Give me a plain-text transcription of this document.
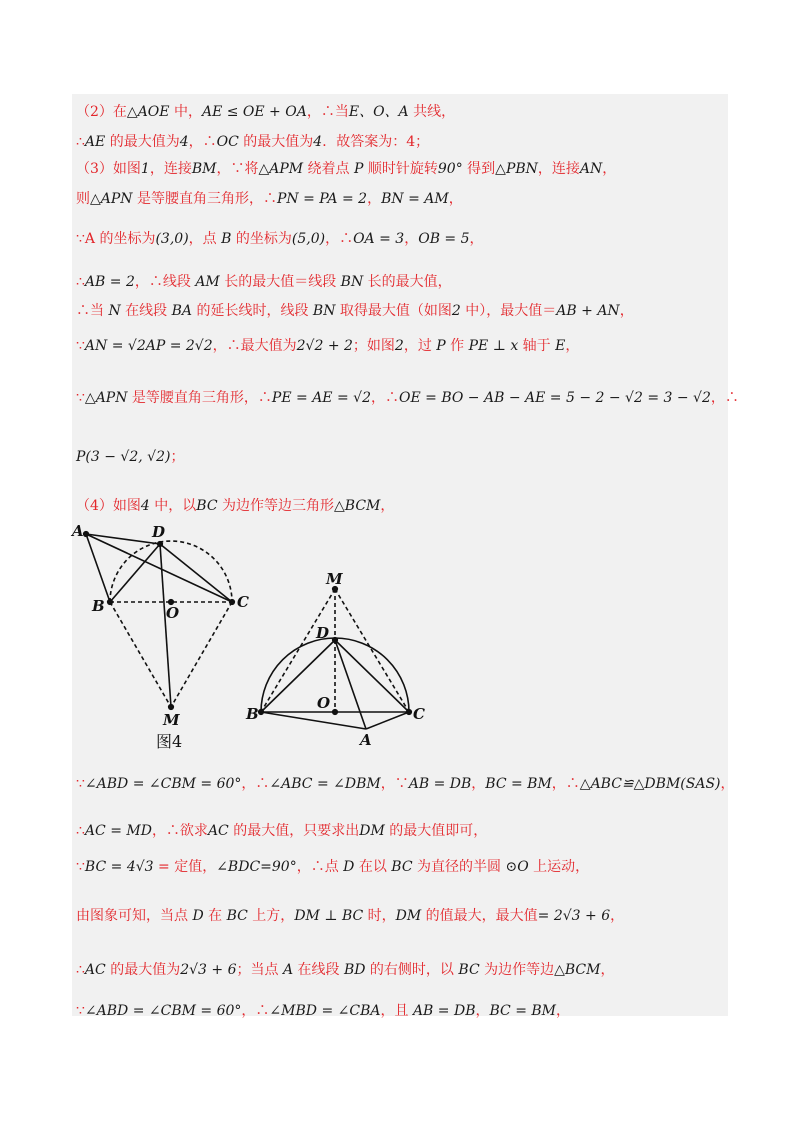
（2）在△AOE 中，AE ≤ OE + OA，∴当E、O、A 共线，
∴AE 的最大值为4，∴OC 的最大值为4．故答案为：4；
（3）如图1，连接BM，∵将△APM 绕着点 P 顺时针旋转90° 得到△PBN，连接AN，
则△APN 是等腰直角三角形，∴PN = PA = 2，BN = AM，
∵A 的坐标为(3,0)，点 B 的坐标为(5,0)，∴OA = 3，OB = 5，
∴AB = 2，∴线段 AM 长的最大值＝线段 BN 长的最大值，
∴当 N 在线段 BA 的延长线时，线段 BN 取得最大值（如图2 中），最大值＝AB + AN，
∵AN = √2AP = 2√2，∴最大值为2√2 + 2；如图2，过 P 作 PE ⊥ x 轴于 E，
∵△APN 是等腰直角三角形，∴PE = AE = √2，∴OE = BO − AB − AE = 5 − 2 − √2 = 3 − √2，∴
P(3 − √2, √2)；
（4）如图4 中，以BC 为边作等边三角形△BCM，
∵∠ABD = ∠CBM = 60°，∴∠ABC = ∠DBM，∵AB = DB，BC = BM，∴△ABC≌△DBM(SAS)，
∴AC = MD，∴欲求AC 的最大值，只要求出DM 的最大值即可，
∵BC = 4√3 = 定值，∠BDC=90°，∴点 D 在以 BC 为直径的半圆 ⊙O 上运动，
由图象可知，当点 D 在 BC 上方，DM ⊥ BC 时，DM 的值最大，最大值= 2√3 + 6，
∴AC 的最大值为2√3 + 6；当点 A 在线段 BD 的右侧时，以 BC 为边作等边△BCM，
∵∠ABD = ∠CBM = 60°，∴∠MBD = ∠CBA，且 AB = DB，BC = BM，
A	D
B	O
C
M
图4
M
D
B
O
C
A
